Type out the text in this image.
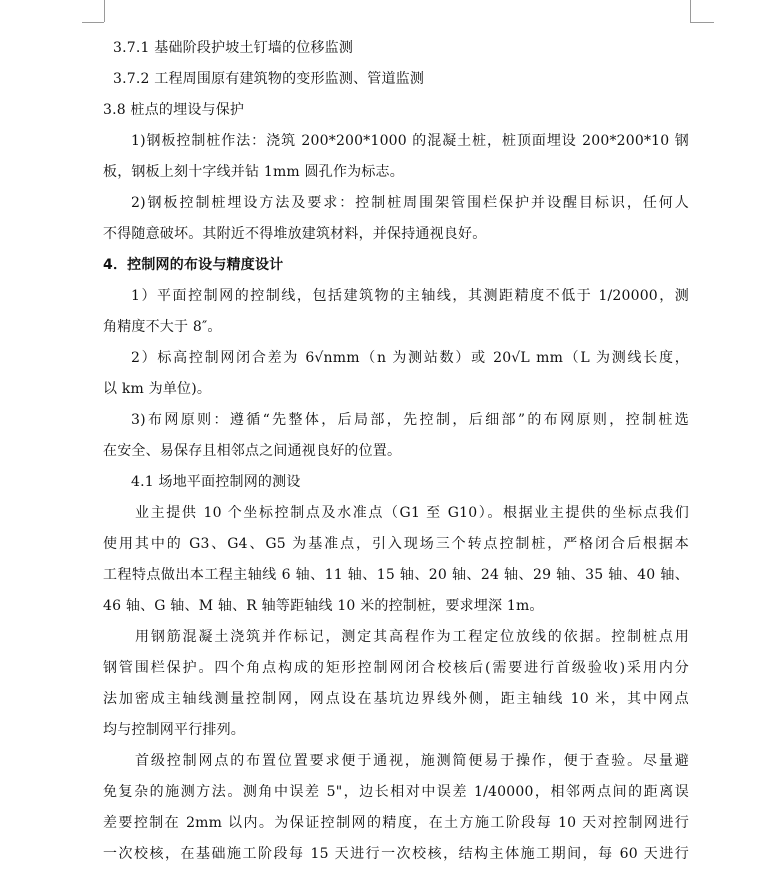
3.7.1 基础阶段护坡土钉墙的位移监测
3.7.2 工程周围原有建筑物的变形监测、管道监测
3.8 桩点的埋设与保护
1)钢板控制桩作法：浇筑 200*200*1000 的混凝土桩，桩顶面埋设 200*200*10 钢
板，钢板上刻十字线并钻 1mm 圆孔作为标志。
2)钢板控制桩埋设方法及要求：控制桩周围架管围栏保护并设醒目标识，任何人
不得随意破坏。其附近不得堆放建筑材料，并保持通视良好。
4．控制网的布设与精度设计
1）平面控制网的控制线，包括建筑物的主轴线，其测距精度不低于 1/20000，测
角精度不大于 8″。
2）标高控制网闭合差为 6√nmm（n 为测站数）或 20√L mm（L 为测线长度，
以 km 为单位)。
3)布网原则：遵循“先整体，后局部，先控制，后细部”的布网原则，控制桩选
在安全、易保存且相邻点之间通视良好的位置。
4.1 场地平面控制网的测设
业主提供 10 个坐标控制点及水准点（G1 至 G10）。根据业主提供的坐标点我们
使用其中的 G3、G4、G5 为基准点，引入现场三个转点控制桩，严格闭合后根据本
工程特点做出本工程主轴线 6 轴、11 轴、15 轴、20 轴、24 轴、29 轴、35 轴、40 轴、
46 轴、G 轴、M 轴、R 轴等距轴线 10 米的控制桩，要求埋深 1m。
用钢筋混凝土浇筑并作标记，测定其高程作为工程定位放线的依据。控制桩点用
钢管围栏保护。四个角点构成的矩形控制网闭合校核后(需要进行首级验收)采用内分
法加密成主轴线测量控制网，网点设在基坑边界线外侧，距主轴线 10 米，其中网点
均与控制网平行排列。
首级控制网点的布置位置要求便于通视，施测简便易于操作，便于查验。尽量避
免复杂的施测方法。测角中误差 5"，边长相对中误差 1/40000，相邻两点间的距离误
差要控制在 2mm 以内。为保证控制网的精度，在土方施工阶段每 10 天对控制网进行
一次校核，在基础施工阶段每 15 天进行一次校核，结构主体施工期间，每 60 天进行
